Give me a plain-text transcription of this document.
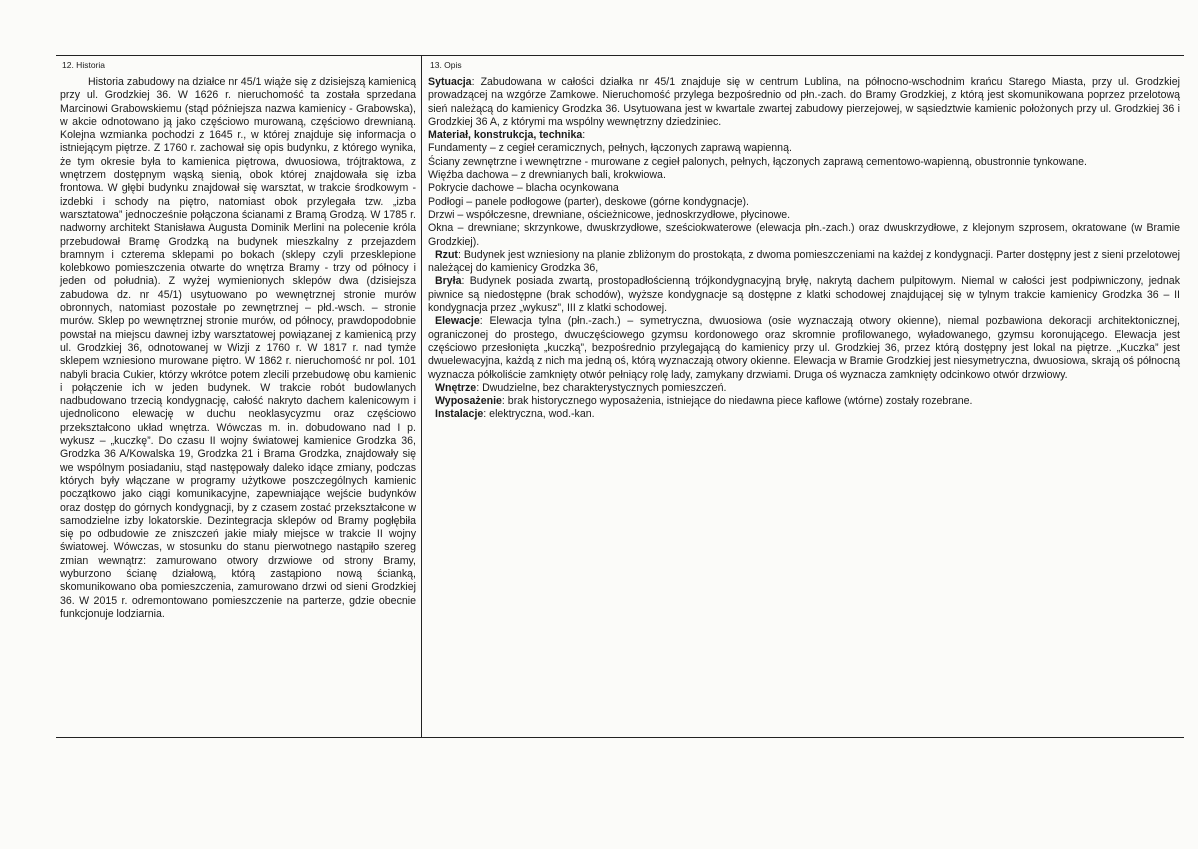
12. Historia

Historia zabudowy na działce nr 45/1 wiąże się z dzisiejszą kamienicą przy ul. Grodzkiej 36. W 1626 r. nieruchomość ta została sprzedana Marcinowi Grabowskiemu (stąd późniejsza nazwa kamienicy - Grabowska), w akcie odnotowano ją jako częściowo murowaną, częściowo drewnianą. Kolejna wzmianka pochodzi z 1645 r., w której znajduje się informacja o istniejącym piętrze. Z 1760 r. zachował się opis budynku, z którego wynika, że tym okresie była to kamienica piętrowa, dwuosiowa, trójtraktowa, z wnętrzem dostępnym wąską sienią, obok której znajdowała się izba frontowa. W głębi budynku znajdował się warsztat, w trakcie środkowym - izdebki i schody na piętro, natomiast obok przylegała tzw. „izba warsztatowa” jednocześnie połączona ścianami z Bramą Grodzą. W 1785 r. nadworny architekt Stanisława Augusta Dominik Merlini na polecenie króla przebudował Bramę Grodzką na budynek mieszkalny z przejazdem bramnym i czterema sklepami po bokach (sklepy czyli przesklepione kolebkowo pomieszczenia otwarte do wnętrza Bramy - trzy od północy i jeden od południa). Z wyżej wymienionych sklepów dwa (dzisiejsza zabudowa dz. nr 45/1) usytuowano po wewnętrznej stronie murów obronnych, natomiast pozostałe po zewnętrznej – płd.-wsch. – stronie murów. Sklep po wewnętrznej stronie murów, od północy, prawdopodobnie powstał na miejscu dawnej izby warsztatowej powiązanej z kamienicą przy ul. Grodzkiej 36, odnotowanej w Wizji z 1760 r. W 1817 r. nad tymże sklepem wzniesiono murowane piętro. W 1862 r. nieruchomość nr pol. 101 nabyli bracia Cukier, którzy wkrótce potem zlecili przebudowę obu kamienic i połączenie ich w jeden budynek. W trakcie robót budowlanych nadbudowano trzecią kondygnację, całość nakryto dachem kalenicowym i ujednolicono elewację w duchu neoklasycyzmu oraz częściowo przekształcono układ wnętrza. Wówczas m. in. dobudowano nad I p. wykusz – „kuczkę”. Do czasu II wojny światowej kamienice Grodzka 36, Grodzka 36 A/Kowalska 19, Grodzka 21 i Brama Grodzka, znajdowały się we wspólnym posiadaniu, stąd następowały daleko idące zmiany, podczas których były włączane w programy użytkowe poszczególnych kamienic początkowo jako ciągi komunikacyjne, zapewniające wejście budynków oraz dostęp do górnych kondygnacji, by z czasem zostać przekształcone w samodzielne izby lokatorskie. Dezintegracja sklepów od Bramy pogłębiła się po odbudowie ze zniszczeń jakie miały miejsce w trakcie II wojny światowej. Wówczas, w stosunku do stanu pierwotnego nastąpiło szereg zmian wewnątrz: zamurowano otwory drzwiowe od strony Bramy, wyburzono ścianę działową, którą zastąpiono nową ścianką, skomunikowano oba pomieszczenia, zamurowano drzwi od sieni Grodzkiej 36. W 2015 r. odremontowano pomieszczenie na parterze, gdzie obecnie funkcjonuje lodziarnia.

13. Opis

Sytuacja: Zabudowana w całości działka nr 45/1 znajduje się w centrum Lublina, na północno-wschodnim krańcu Starego Miasta, przy ul. Grodzkiej prowadzącej na wzgórze Zamkowe. Nieruchomość przylega bezpośrednio od płn.-zach. do Bramy Grodzkiej, z którą jest skomunikowana poprzez przelotową sień należącą do kamienicy Grodzka 36. Usytuowana jest w kwartale zwartej zabudowy pierzejowej, w sąsiedztwie kamienic położonych przy ul. Grodzkiej 36 i Grodzkiej 36 A, z którymi ma wspólny wewnętrzny dziedziniec.

Materiał, konstrukcja, technika:

Fundamenty – z cegieł ceramicznych, pełnych, łączonych zaprawą wapienną.

Ściany zewnętrzne i wewnętrzne - murowane z cegieł palonych, pełnych, łączonych zaprawą cementowo-wapienną, obustronnie tynkowane.

Więźba dachowa – z drewnianych bali, krokwiowa.

Pokrycie dachowe – blacha ocynkowana

Podłogi – panele podłogowe (parter), deskowe (górne kondygnacje).

Drzwi – współczesne, drewniane, ościeżnicowe, jednoskrzydłowe, płycinowe.

Okna – drewniane; skrzynkowe, dwuskrzydłowe, sześciokwaterowe (elewacja płn.-zach.) oraz dwuskrzydłowe, z klejonym szprosem, okratowane (w Bramie Grodzkiej).

Rzut: Budynek jest wzniesiony na planie zbliżonym do prostokąta, z dwoma pomieszczeniami na każdej z kondygnacji. Parter dostępny jest z sieni przelotowej należącej do kamienicy Grodzka 36,

Bryła: Budynek posiada zwartą, prostopadłościenną trójkondygnacyjną bryłę, nakrytą dachem pulpitowym. Niemal w całości jest podpiwniczony, jednak piwnice są niedostępne (brak schodów), wyższe kondygnacje są dostępne z klatki schodowej znajdującej się w tylnym trakcie kamienicy Grodzka 36 – II kondygnacja przez „wykusz”, III z klatki schodowej.

Elewacje: Elewacja tylna (płn.-zach.) – symetryczna, dwuosiowa (osie wyznaczają otwory okienne), niemal pozbawiona dekoracji architektonicznej, ograniczonej do prostego, dwuczęściowego gzymsu kordonowego oraz skromnie profilowanego, wyładowanego, gzymsu koronującego. Elewacja jest częściowo przesłonięta „kuczką”, bezpośrednio przylegającą do kamienicy przy ul. Grodzkiej 36, przez którą dostępny jest lokal na piętrze. „Kuczka” jest dwuelewacyjna, każdą z nich ma jedną oś, którą wyznaczają otwory okienne. Elewacja w Bramie Grodzkiej jest niesymetryczna, dwuosiowa, skrają oś północną wyznacza półkoliście zamknięty otwór pełniący rolę lady, zamykany drzwiami. Druga oś wyznacza zamknięty odcinkowo otwór drzwiowy.

Wnętrze: Dwudzielne, bez charakterystycznych pomieszczeń.

Wyposażenie: brak historycznego wyposażenia, istniejące do niedawna piece kaflowe (wtórne) zostały rozebrane.

Instalacje: elektryczna, wod.-kan.
